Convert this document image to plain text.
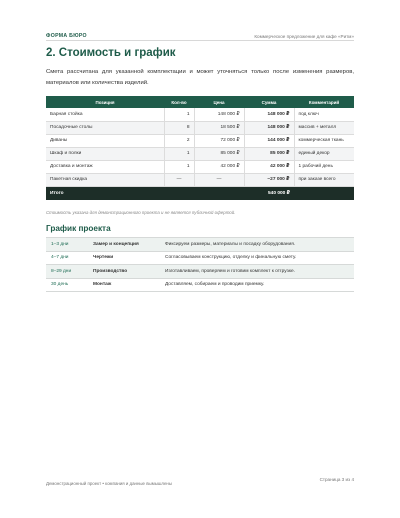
ФОРМА БЮРО	Коммерческое предложение для кафе «Ритм»
2. Стоимость и график

Смета рассчитана для указанной комплектации и может уточняться только после изменения размеров, материалов или количества изделий.

Позиция	Кол-во	Цена	Сумма	Комментарий
Барная стойка	1	148 000 ₽	148 000 ₽	под ключ
Посадочные столы	8	18 500 ₽	148 000 ₽	массив + металл
Диваны	2	72 000 ₽	144 000 ₽	коммерческая ткань
Шкаф и полки	1	85 000 ₽	85 000 ₽	единый декор
Доставка и монтаж	1	42 000 ₽	42 000 ₽	1 рабочий день
Пакетная скидка	—	—	−27 000 ₽	при заказе всего
Итого			540 000 ₽	
Стоимость указана для демонстрационного проекта и не является публичной офертой.
График проекта
1–3 дни	Замер и концепция	Фиксируем размеры, материалы и посадку оборудования.
4–7 дни	Чертежи	Согласовываем конструкцию, отделку и финальную смету.
8–29 дни	Производство	Изготавливаем, проверяем и готовим комплект к отгрузке.
30 день	Монтаж	Доставляем, собираем и проводим приемку.
Демонстрационный проект • компания и данные вымышлены
Страница 3 из 4
